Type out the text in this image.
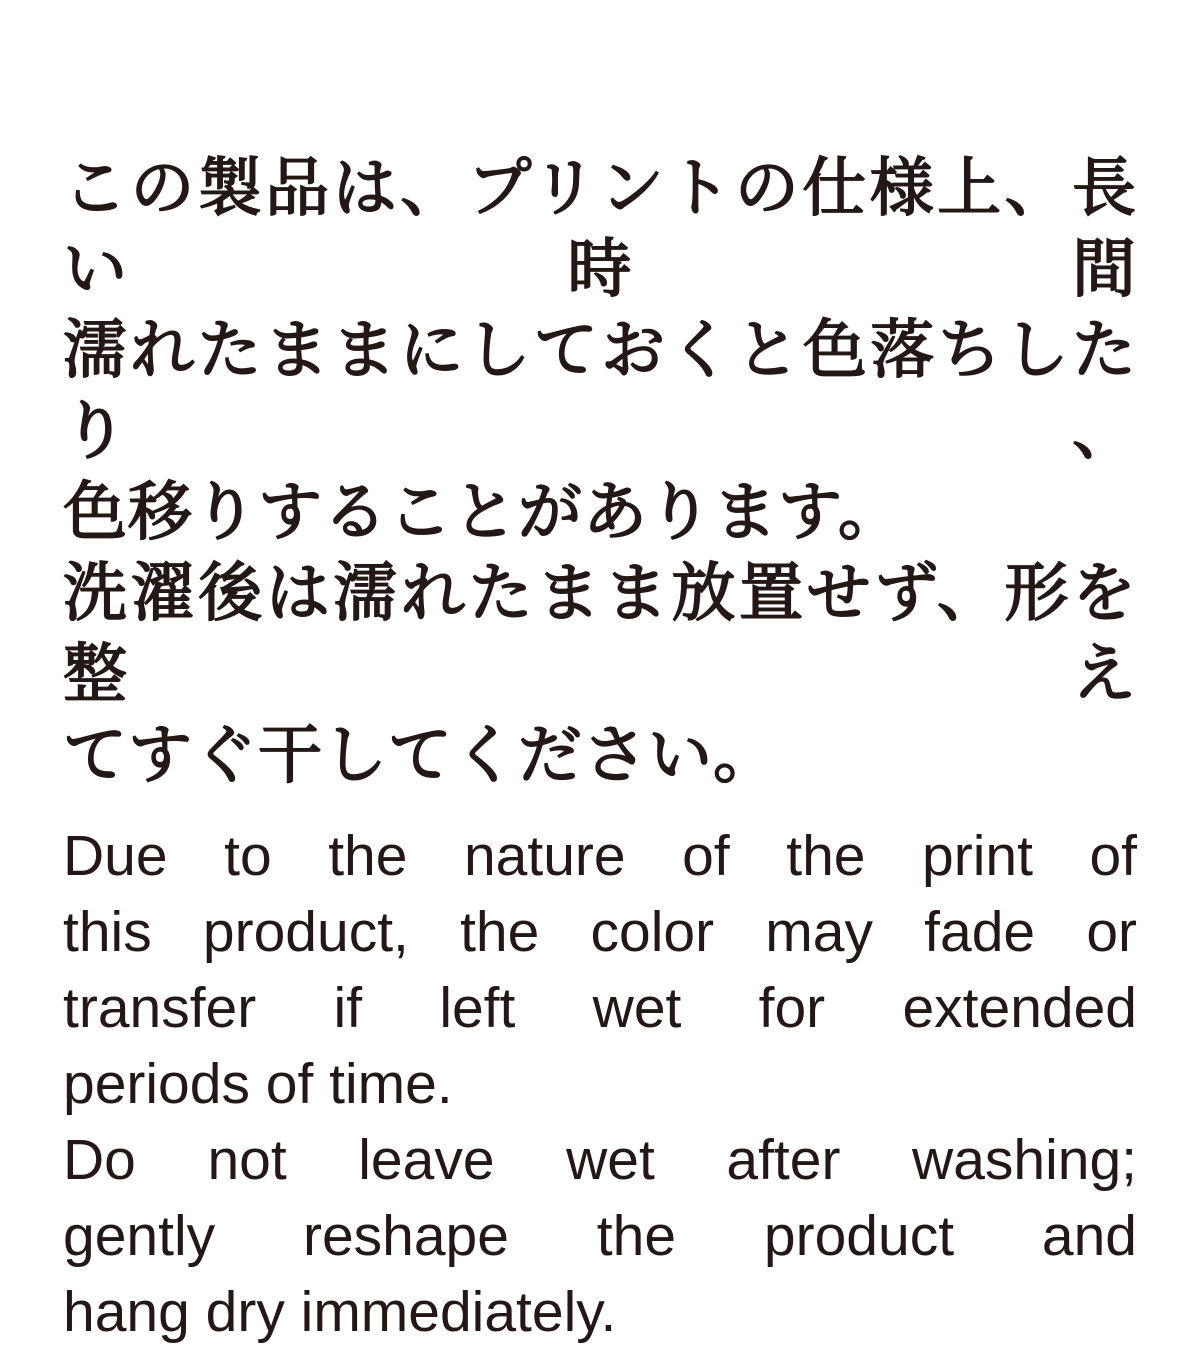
この製品は、プリントの仕様上、長い時間
濡れたままにしておくと色落ちしたり、
色移りすることがあります。
洗濯後は濡れたまま放置せず、形を整え
てすぐ干してください。
Due to the nature of the print of
this product, the color may fade or
transfer if left wet for extended
periods of time.
Do not leave wet after washing;
gently reshape the product and
hang dry immediately.
